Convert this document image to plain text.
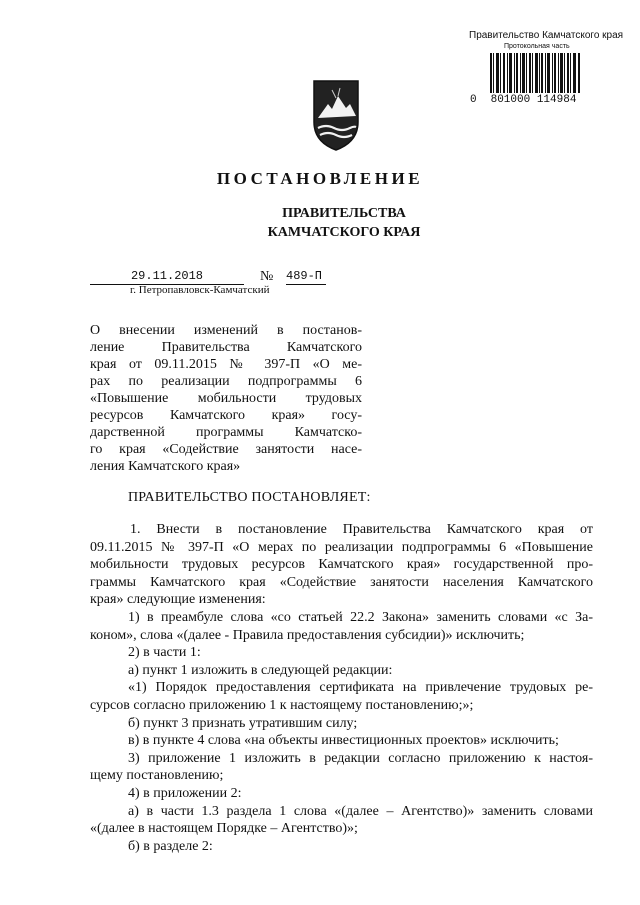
Правительство Камчатского края
Протокольная часть
0 801000 114984
ПОСТАНОВЛЕНИЕ
ПРАВИТЕЛЬСТВА
КАМЧАТСКОГО КРАЯ
29.11.2018	№ 489-П
г. Петропавловск-Камчатский
О внесении изменений в постанов-
ление Правительства Камчатского
края от 09.11.2015 № 397-П «О ме-
рах по реализации подпрограммы 6
«Повышение мобильности трудовых
ресурсов Камчатского края» госу-
дарственной программы Камчатско-
го края «Содействие занятости насе-
ления Камчатского края»
ПРАВИТЕЛЬСТВО ПОСТАНОВЛЯЕТ:
1. Внести в постановление Правительства Камчатского края от
09.11.2015 № 397-П «О мерах по реализации подпрограммы 6 «Повышение
мобильности трудовых ресурсов Камчатского края» государственной про-
граммы Камчатского края «Содействие занятости населения Камчатского
края» следующие изменения:
1) в преамбуле слова «со статьей 22.2 Закона» заменить словами «с За-
коном», слова «(далее - Правила предоставления субсидии)» исключить;
2) в части 1:
а) пункт 1 изложить в следующей редакции:
«1) Порядок предоставления сертификата на привлечение трудовых ре-
сурсов согласно приложению 1 к настоящему постановлению;»;
б) пункт 3 признать утратившим силу;
в) в пункте 4 слова «на объекты инвестиционных проектов» исключить;
3) приложение 1 изложить в редакции согласно приложению к настоя-
щему постановлению;
4) в приложении 2:
а) в части 1.3 раздела 1 слова «(далее – Агентство)» заменить словами
«(далее в настоящем Порядке – Агентство)»;
б) в разделе 2:
